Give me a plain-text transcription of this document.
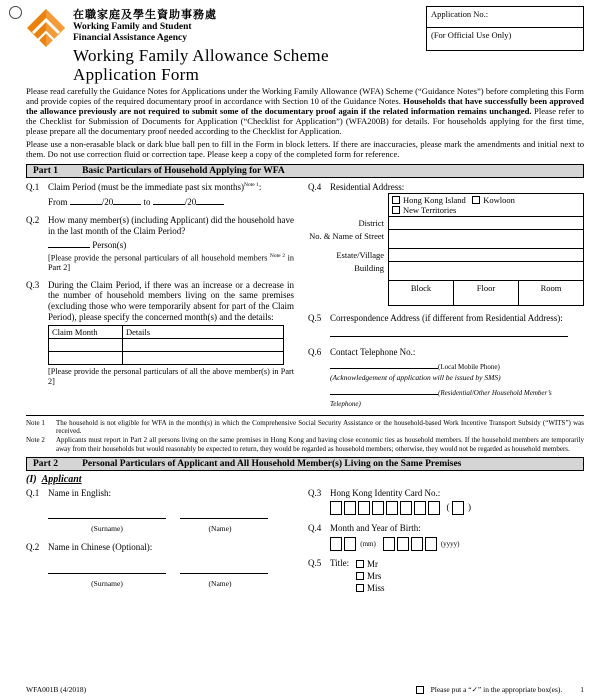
在職家庭及學生資助事務處
Working Family and Student
Financial Assistance Agency
Working Family Allowance Scheme
Application Form
Application No.:
(For Official Use Only)

Please read carefully the Guidance Notes for Applications under the Working Family Allowance (WFA) Scheme (“Guidance Notes”) before completing this Form and provide copies of the required documentary proof in accordance with Section 10 of the Guidance Notes. Households that have successfully been approved the allowance previously are not required to submit some of the documentary proof again if the related information remains unchanged. Please refer to the Checklist for Submission of Documents for Application (“Checklist for Application”) (WFA200B) for details. For households applying for the first time, please prepare all the documentary proof needed according to the Checklist for Application.

Please use a non-erasable black or dark blue ball pen to fill in the Form in block letters. If there are inaccuracies, please mark the amendments and initial next to them. Do not use correction fluid or correction tape. Please keep a copy of the completed form for reference.

Part 1	Basic Particulars of Household Applying for WFA
Q.1 Claim Period (must be the immediate past six months)$^{Note 1}$:
From	/20	to	/20
Q.2 How many member(s) (including Applicant) did the household have in the last month of the Claim Period?
Person(s)
[Please provide the personal particulars of all household members $^{Note 2}$ in Part 2]
Q.3 During the Claim Period, if there was an increase or a decrease in the number of household members living on the same premises (excluding those who were temporarily absent for part of the Claim Period), please specify the concerned month(s) and the details:
Claim Month	Details

[Please provide the personal particulars of all the above member(s) in Part 2]
Q.4 Residential Address:
Hong Kong Island Kowloon
New Territories
District
No. & Name of Street
Estate/Village
Building
Block	Floor	Room
Q.5 Correspondence Address (if different from Residential Address):
Q.6 Contact Telephone No.:
(Local Mobile Phone)
(Acknowledgement of application will be issued by SMS)
(Residential/Other Household Member’s Telephone)
Note 1	The household is not eligible for WFA in the month(s) in which the Comprehensive Social Security Assistance or the household-based Work Incentive Transport Subsidy (“WITS”) was received.
Note 2	Applicants must report in Part 2 all persons living on the same premises in Hong Kong and having close economic ties as household members. If the household members are temporarily away from their households but would reasonably be expected to return, they would be regarded as household members; otherwise, they would not be regarded as household members.
Part 2	Personal Particulars of Applicant and All Household Member(s) Living on the Same Premises
(I) Applicant
Q.1 Name in English:

(Surname)	(Name)
Q.2 Name in Chinese (Optional):

(Surname)	(Name)
Q.3 Hong Kong Identity Card No.:
(  )
Q.4 Month and Year of Birth:
(mm)	(yyyy)
Q.5 Title:	Mr
Mrs
Miss
WFA001B (4/2018)	Please put a “✓” in the appropriate box(es). 1
